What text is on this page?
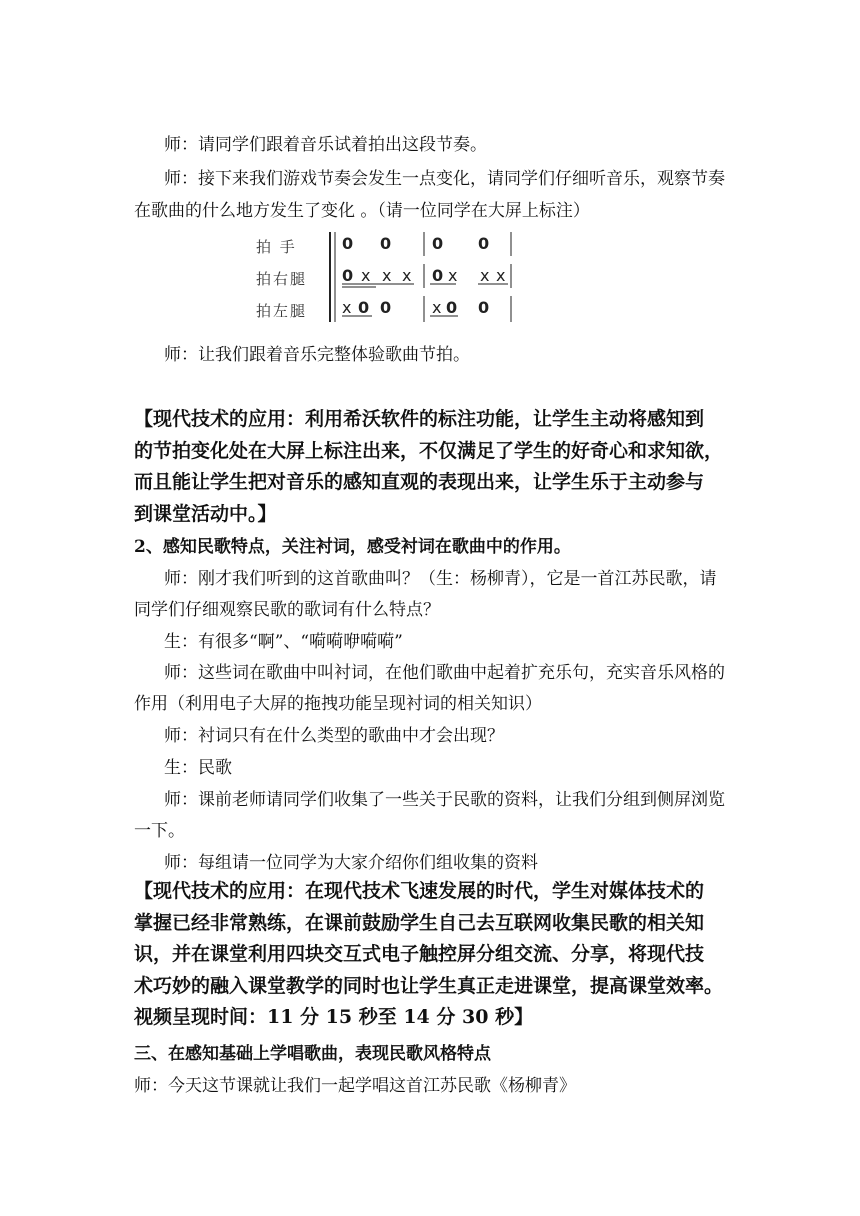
师：请同学们跟着音乐试着拍出这段节奏。
师：接下来我们游戏节奏会发生一点变化，请同学们仔细听音乐，观察节奏
在歌曲的什么地方发生了变化 。（请一位同学在大屏上标注）
拍 手
拍右腿
拍左腿
0 0	0 0
0 x x x 0 x x x
x 0 0	x 0 0
师：让我们跟着音乐完整体验歌曲节拍。
【现代技术的应用：利用希沃软件的标注功能，让学生主动将感知到
的节拍变化处在大屏上标注出来，不仅满足了学生的好奇心和求知欲，
而且能让学生把对音乐的感知直观的表现出来，让学生乐于主动参与
到课堂活动中。】
2、感知民歌特点，关注衬词，感受衬词在歌曲中的作用。
师：刚才我们听到的这首歌曲叫？（生：杨柳青），它是一首江苏民歌，请
同学们仔细观察民歌的歌词有什么特点？
生：有很多“啊”、“嗬嗬咿嗬嗬”
师：这些词在歌曲中叫衬词，在他们歌曲中起着扩充乐句，充实音乐风格的
作用（利用电子大屏的拖拽功能呈现衬词的相关知识）
师：衬词只有在什么类型的歌曲中才会出现？
生：民歌
师：课前老师请同学们收集了一些关于民歌的资料，让我们分组到侧屏浏览
一下。
师：每组请一位同学为大家介绍你们组收集的资料
【现代技术的应用：在现代技术飞速发展的时代，学生对媒体技术的
掌握已经非常熟练，在课前鼓励学生自己去互联网收集民歌的相关知
识，并在课堂利用四块交互式电子触控屏分组交流、分享，将现代技
术巧妙的融入课堂教学的同时也让学生真正走进课堂，提高课堂效率。
视频呈现时间：11 分 15 秒至 14 分 30 秒】
三、在感知基础上学唱歌曲，表现民歌风格特点
师：今天这节课就让我们一起学唱这首江苏民歌《杨柳青》
